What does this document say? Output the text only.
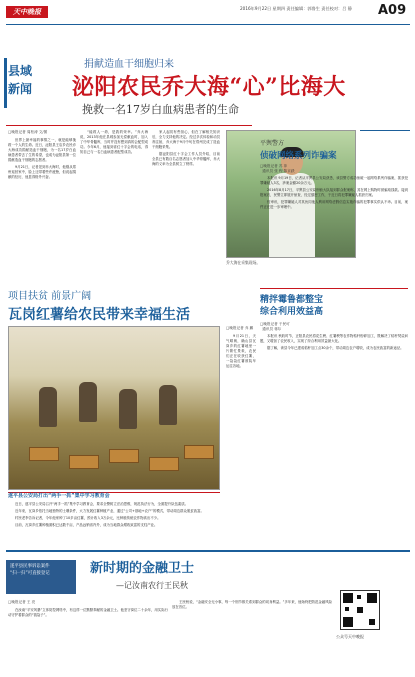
天中晚报	2016年9月22日 星期四 责任编辑：郭鲁生 责任校对：吕 静 A09
县域
新闻
捐献造血干细胞归来
泌阳农民乔大海“心”比海大
挽救一名17岁白血病患者的生命
□晚报记者 周松涛 文/图

世界上最幸福的事情之一，就是能够挽救一个人的生命。近日，泌阳县王店乡农民乔大海成功捐献造血干细胞，为一名17岁白血病患者带去了生的希望，也成为泌阳县第一位捐献造血干细胞的志愿者。

9月21日，记者见到乔大海时，他刚从郑州返回家中，脸上还带着些许疲惫，但说起捐献的经历，他显得格外兴奋。

“能救人一命，是我的荣幸。”乔大海说，2013年他在县城参加无偿献血时，加入了中华骨髓库，当时并没有想到真的会配型成功。今年6月，他接到省红十字会的电话，得知自己与一名白血病患者配型成功。

家人起初有些担心，但在了解相关知识后，全力支持他的决定。经过多次体检和动员剂注射，乔大海于9月中旬在郑州完成了造血干细胞采集。

据泌阳县红十字会工作人员介绍，目前全县已有数百名志愿者加入中华骨髓库，乔大海的义举为全县树立了榜样。

乔大海在采集现场。
平舆警方
侦破网络系列诈骗案
□晚报记者 苏 冲
通讯员 张 程 陈京跃

本报讯 9月19日，记者从平舆县公安局获悉，该县警方成功侦破一起网络系列诈骗案，抓获犯罪嫌疑人3名，涉案金额20余万元。

2016年8月17日，平舆县公安局刑侦大队接到群众报案称，其在网上购物时被骗取钱款。接到报案后，民警立即展开侦查，经过缜密工作，于近日将犯罪嫌疑人抓获归案。

经审讯，犯罪嫌疑人对其伙同他人利用网络虚假信息实施诈骗的犯罪事实供认不讳。目前，案件正在进一步审理中。

精拌霉鲁都整宝
综合利用效益高
□晚报记者 于民可
通讯员 蒋尔

本报讯 秋收时节，正阳县农民将花生秧、红薯秧等农作物秸秆粉碎加工，既解决了秸秆焚烧问题，又增加了农民收入，实现了综合利用效益最大化。

据了解，该县今年已建成秸秆加工点30余个，带动周边农户增收，成为农民致富的新途径。

项目扶贫 前景广阔
瓦岗红薯给农民带来幸福生活
□晚报记者 乔 鹏

9月21日，天气晴朗，确山县瓦岗乡的红薯地里一片繁忙景象，农民们正在收获红薯，一袋袋红薯被装车运往各地。

遂平县公安局打出“两手一抓”集中学习教育会

近日，遂平县公安局召开“两手一抓”集中学习教育会，要求全警树立法治思维，规范执法行为，全面提升队伍素质。

近年来，瓦岗乡依托当地独特的土壤条件，大力发展红薯种植产业，通过“公司+基地+农户”的模式，带动周边群众脱贫致富。

村民老李告诉记者，今年他家种了10多亩红薯，预计收入3万余元，比种植传统农作物高出不少。

目前，瓦岗乡红薯种植面积已达数千亩，产品远销省内外，成为当地群众增收致富的支柱产业。

遂平县民事诉讼案件
“扫一扫”可直接登记	新时期的金融卫士
—记汝南农行王民秋
□晚报记者 王 亮

在汝南“平安风暴”立体防控网络中，有这样一位默默奉献的金融卫士。他坚守岗位二十余年，用实际行动守护着群众的“钱袋子”。

王民秋说，“金融安全无小事，每一个细节都关系到群众的切身利益。”多年来，他始终把防范金融风险放在首位。

公众号天中晚报
